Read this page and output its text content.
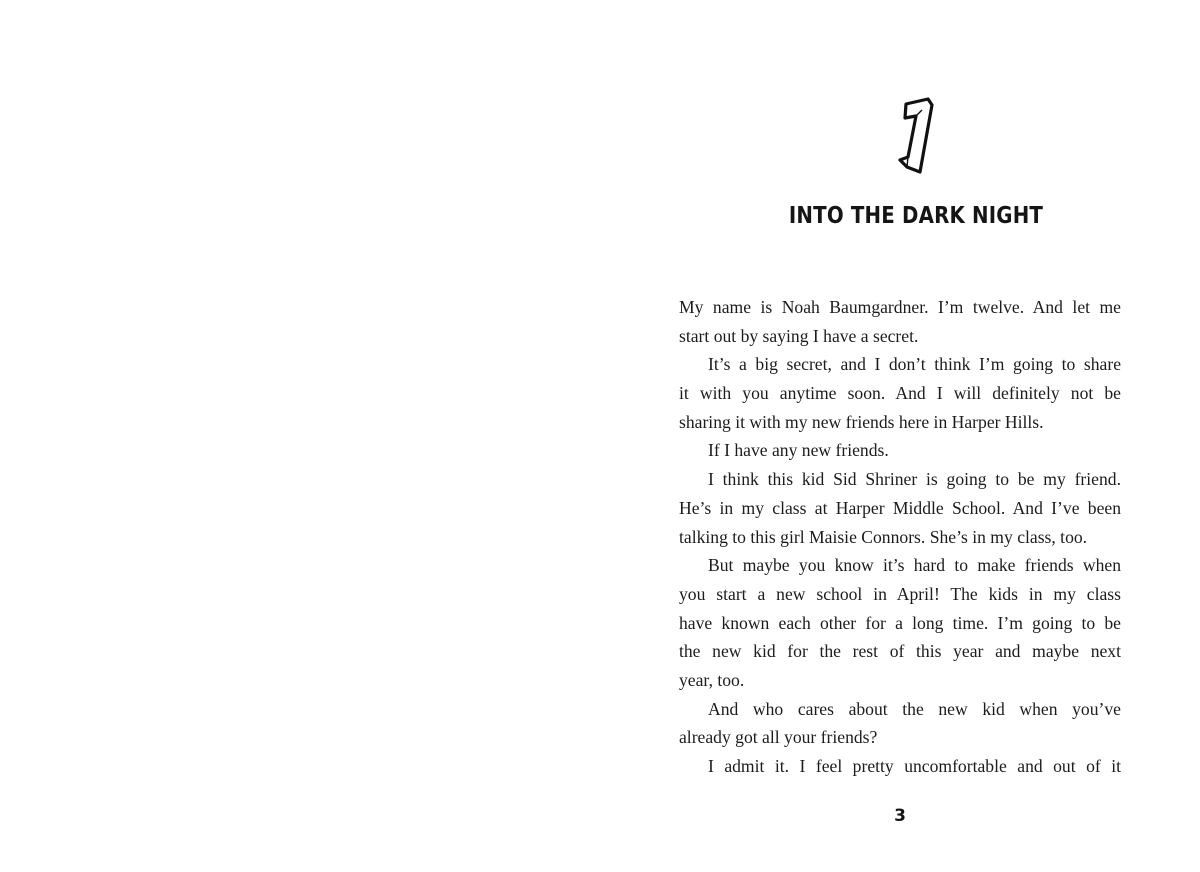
INTO THE DARK NIGHT
My name is Noah Baumgardner. I’m twelve. And let me
start out by saying I have a secret.
It’s a big secret, and I don’t think I’m going to share
it with you anytime soon. And I will definitely not be
sharing it with my new friends here in Harper Hills.
If I have any new friends.
I think this kid Sid Shriner is going to be my friend.
He’s in my class at Harper Middle School. And I’ve been
talking to this girl Maisie Connors. She’s in my class, too.
But maybe you know it’s hard to make friends when
you start a new school in April! The kids in my class
have known each other for a long time. I’m going to be
the new kid for the rest of this year and maybe next
year, too.
And who cares about the new kid when you’ve
already got all your friends?
I admit it. I feel pretty uncomfortable and out of it
3
